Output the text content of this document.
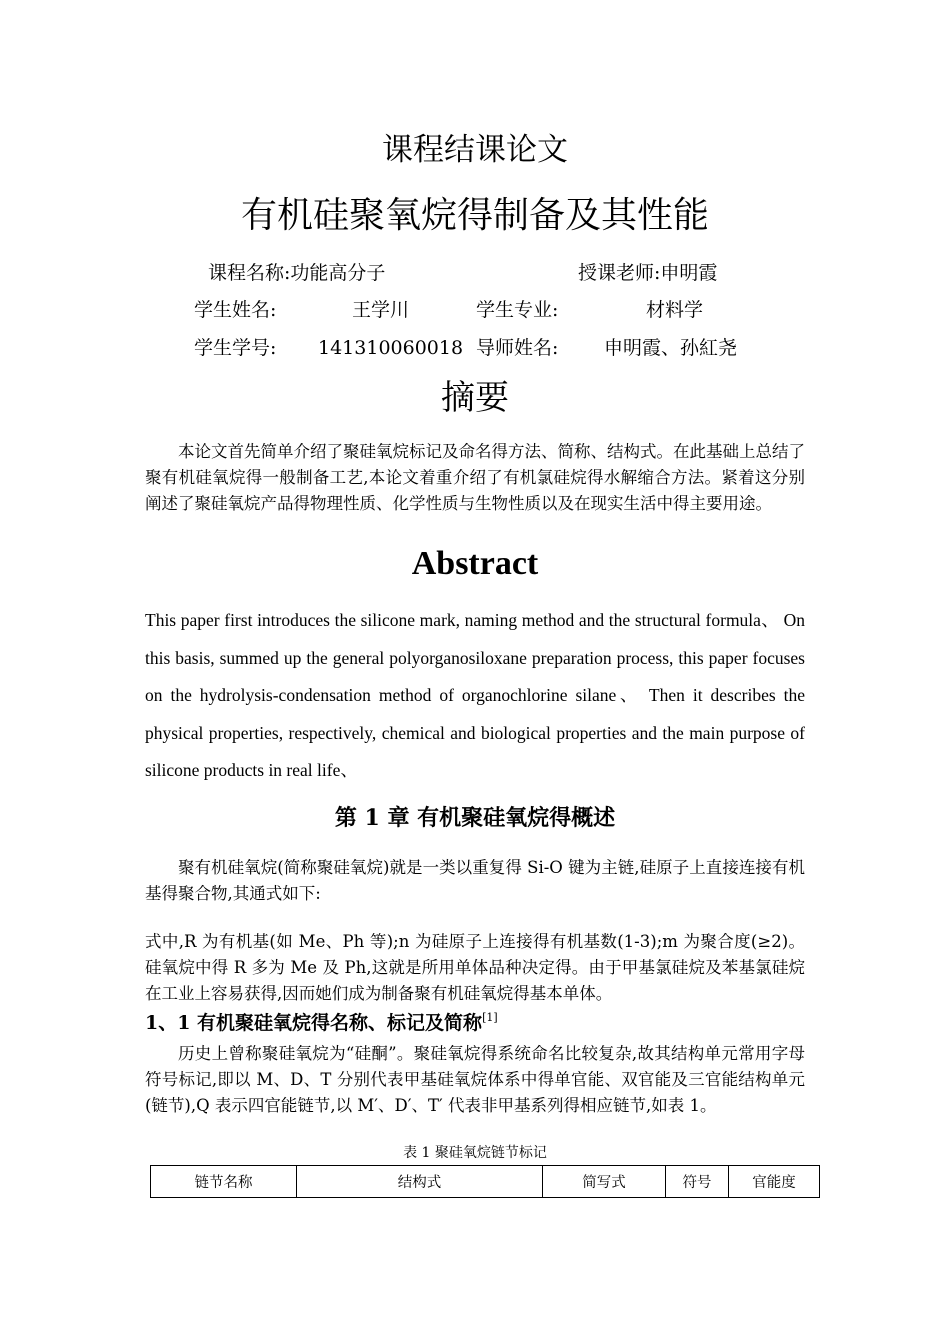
课程结课论文
有机硅聚氧烷得制备及其性能
课程名称:功能高分子	授课老师:申明霞
学生姓名:	王学川	学生专业:	材料学
学生学号: 141310060018 导师姓名: 申明霞、孙紅尧
摘要
本论文首先简单介绍了聚硅氧烷标记及命名得方法、简称、结构式。在此基础上总结了聚有机硅氧烷得一般制备工艺,本论文着重介绍了有机氯硅烷得水解缩合方法。紧着这分别阐述了聚硅氧烷产品得物理性质、化学性质与生物性质以及在现实生活中得主要用途。
Abstract
This paper first introduces the silicone mark, naming method and the structural formula、 On this basis, summed up the general polyorganosiloxane preparation process, this paper focuses on the hydrolysis-condensation method of organochlorine silane、 Then it describes the physical properties, respectively, chemical and biological properties and the main purpose of silicone products in real life、
第 1 章 有机聚硅氧烷得概述
聚有机硅氧烷(简称聚硅氧烷)就是一类以重复得 Si-O 键为主链,硅原子上直接连接有机基得聚合物,其通式如下:
式中,R 为有机基(如 Me、Ph 等);n 为硅原子上连接得有机基数(1-3);m 为聚合度(≥2)。硅氧烷中得 R 多为 Me 及 Ph,这就是所用单体品种决定得。由于甲基氯硅烷及苯基氯硅烷在工业上容易获得,因而她们成为制备聚有机硅氧烷得基本单体。
1、1 有机聚硅氧烷得名称、标记及简称[1]
历史上曾称聚硅氧烷为“硅酮”。聚硅氧烷得系统命名比较复杂,故其结构单元常用字母符号标记,即以 M、D、T 分别代表甲基硅氧烷体系中得单官能、双官能及三官能结构单元(链节),Q 表示四官能链节,以 M′、D′、T′ 代表非甲基系列得相应链节,如表 1。
表 1 聚硅氧烷链节标记
链节名称	结构式	简写式	符号	官能度
